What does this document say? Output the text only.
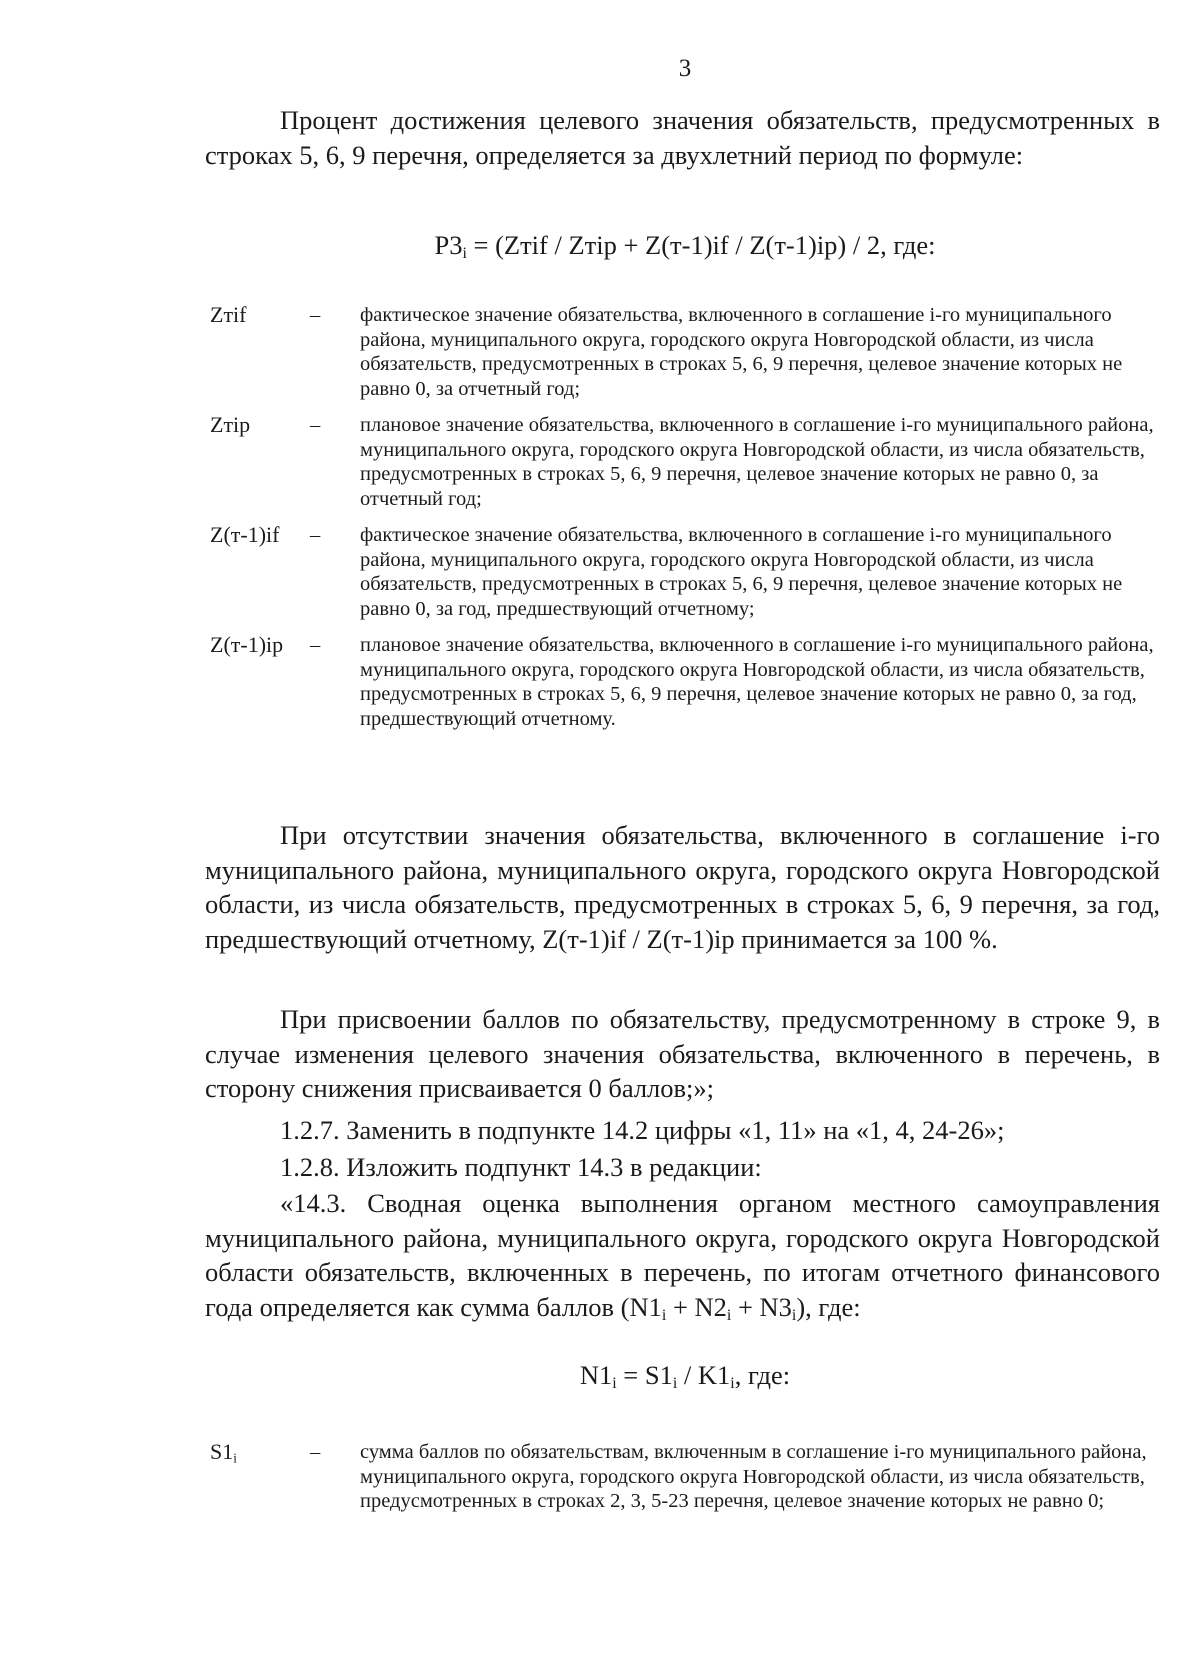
3

Процент достижения целевого значения обязательств, предусмотренных в строках 5, 6, 9 перечня, определяется за двухлетний период по формуле:

$Р3_i$ = (Zтif / Zтip + Z(т-1)if / Z(т-1)ip) / 2, где:
Zтif	–	фактическое значение обязательства, включенного в соглашение i-го муниципального района, муниципального округа, городского округа Новгородской области, из числа обязательств, предусмотренных в строках 5, 6, 9 перечня, целевое значение которых не равно 0, за отчетный год;
Zтip	–	плановое значение обязательства, включенного в соглашение i-го муниципального района, муниципального округа, городского округа Новгородской области, из числа обязательств, предусмотренных в строках 5, 6, 9 перечня, целевое значение которых не равно 0, за отчетный год;
Z(т-1)if	–	фактическое значение обязательства, включенного в соглашение i-го муниципального района, муниципального округа, городского округа Новгородской области, из числа обязательств, предусмотренных в строках 5, 6, 9 перечня, целевое значение которых не равно 0, за год, предшествующий отчетному;
Z(т-1)ip	–	плановое значение обязательства, включенного в соглашение i-го муниципального района, муниципального округа, городского округа Новгородской области, из числа обязательств, предусмотренных в строках 5, 6, 9 перечня, целевое значение которых не равно 0, за год, предшествующий отчетному.

При отсутствии значения обязательства, включенного в соглашение i-го муниципального района, муниципального округа, городского округа Новгородской области, из числа обязательств, предусмотренных в строках 5, 6, 9 перечня, за год, предшествующий отчетному, Z(т-1)if / Z(т-1)ip принимается за 100 %.

При присвоении баллов по обязательству, предусмотренному в строке 9, в случае изменения целевого значения обязательства, включенного в перечень, в сторону снижения присваивается 0 баллов;»;

1.2.7. Заменить в подпункте 14.2 цифры «1, 11» на «1, 4, 24-26»;

1.2.8. Изложить подпункт 14.3 в редакции:

«14.3. Сводная оценка выполнения органом местного самоуправления муниципального района, муниципального округа, городского округа Новгородской области обязательств, включенных в перечень, по итогам отчетного финансового года определяется как сумма баллов $(N1_i + N2_i + N3_i)$, где:

$N1_i = S1_i / K1_i$, где:
$S1_i$	–	сумма баллов по обязательствам, включенным в соглашение i-го муниципального района, муниципального округа, городского округа Новгородской области, из числа обязательств, предусмотренных в строках 2, 3, 5-23 перечня, целевое значение которых не равно 0;
